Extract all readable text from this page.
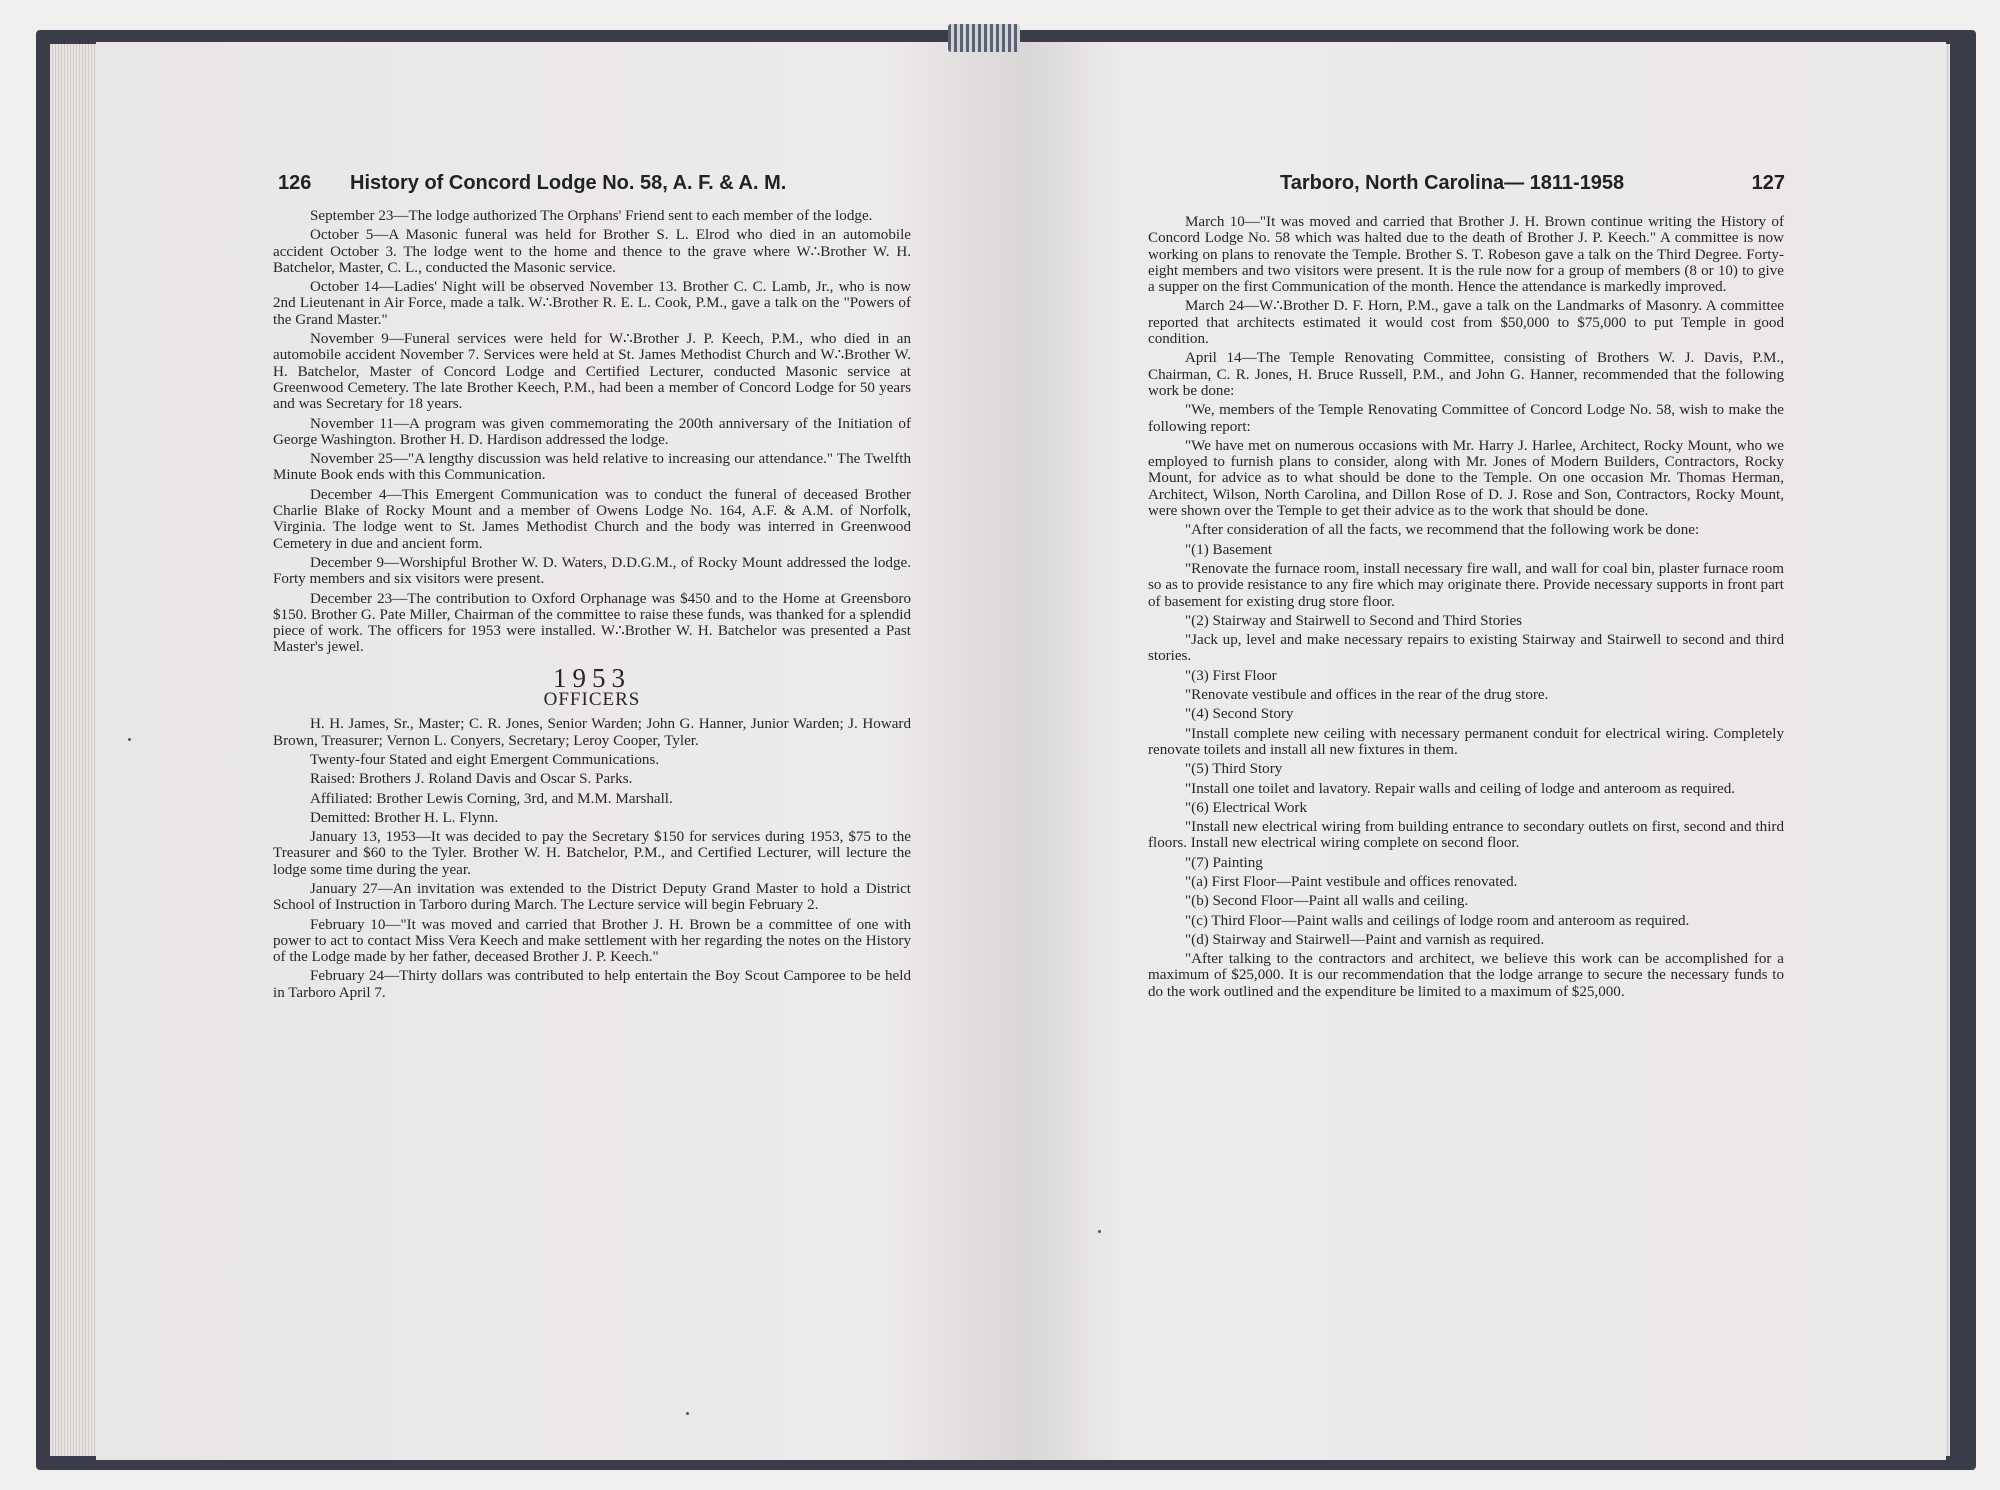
126 History of Concord Lodge No. 58, A. F. & A. M.	Tarboro, North Carolina— 1811-1958	127

September 23—The lodge authorized The Orphans' Friend sent to each member of the lodge.

October 5—A Masonic funeral was held for Brother S. L. Elrod who died in an automobile accident October 3. The lodge went to the home and thence to the grave where W∴Brother W. H. Batchelor, Master, C. L., conducted the Masonic service.

October 14—Ladies' Night will be observed November 13. Brother C. C. Lamb, Jr., who is now 2nd Lieutenant in Air Force, made a talk. W∴Brother R. E. L. Cook, P.M., gave a talk on the "Powers of the Grand Master."

November 9—Funeral services were held for W∴Brother J. P. Keech, P.M., who died in an automobile accident November 7. Services were held at St. James Methodist Church and W∴Brother W. H. Batchelor, Master of Concord Lodge and Certified Lecturer, conducted Masonic service at Greenwood Cemetery. The late Brother Keech, P.M., had been a member of Concord Lodge for 50 years and was Secretary for 18 years.

November 11—A program was given commemorating the 200th anniversary of the Initiation of George Washington. Brother H. D. Hardison addressed the lodge.

November 25—"A lengthy discussion was held relative to increasing our attendance." The Twelfth Minute Book ends with this Communication.

December 4—This Emergent Communication was to conduct the funeral of deceased Brother Charlie Blake of Rocky Mount and a member of Owens Lodge No. 164, A.F. & A.M. of Norfolk, Virginia. The lodge went to St. James Methodist Church and the body was interred in Greenwood Cemetery in due and ancient form.

December 9—Worshipful Brother W. D. Waters, D.D.G.M., of Rocky Mount addressed the lodge. Forty members and six visitors were present.

December 23—The contribution to Oxford Orphanage was $450 and to the Home at Greensboro $150. Brother G. Pate Miller, Chairman of the committee to raise these funds, was thanked for a splendid piece of work. The officers for 1953 were installed. W∴Brother W. H. Batchelor was presented a Past Master's jewel.

1953
OFFICERS

H. H. James, Sr., Master; C. R. Jones, Senior Warden; John G. Hanner, Junior Warden; J. Howard Brown, Treasurer; Vernon L. Conyers, Secretary; Leroy Cooper, Tyler.

Twenty-four Stated and eight Emergent Communications.

Raised: Brothers J. Roland Davis and Oscar S. Parks.

Affiliated: Brother Lewis Corning, 3rd, and M.M. Marshall.

Demitted: Brother H. L. Flynn.

January 13, 1953—It was decided to pay the Secretary $150 for services during 1953, $75 to the Treasurer and $60 to the Tyler. Brother W. H. Batchelor, P.M., and Certified Lecturer, will lecture the lodge some time during the year.

January 27—An invitation was extended to the District Deputy Grand Master to hold a District School of Instruction in Tarboro during March. The Lecture service will begin February 2.

February 10—"It was moved and carried that Brother J. H. Brown be a committee of one with power to act to contact Miss Vera Keech and make settlement with her regarding the notes on the History of the Lodge made by her father, deceased Brother J. P. Keech."

February 24—Thirty dollars was contributed to help entertain the Boy Scout Camporee to be held in Tarboro April 7.

March 10—"It was moved and carried that Brother J. H. Brown continue writing the History of Concord Lodge No. 58 which was halted due to the death of Brother J. P. Keech." A committee is now working on plans to renovate the Temple. Brother S. T. Robeson gave a talk on the Third Degree. Forty-eight members and two visitors were present. It is the rule now for a group of members (8 or 10) to give a supper on the first Communication of the month. Hence the attendance is markedly improved.

March 24—W∴Brother D. F. Horn, P.M., gave a talk on the Landmarks of Masonry. A committee reported that architects estimated it would cost from $50,000 to $75,000 to put Temple in good condition.

April 14—The Temple Renovating Committee, consisting of Brothers W. J. Davis, P.M., Chairman, C. R. Jones, H. Bruce Russell, P.M., and John G. Hanner, recommended that the following work be done:

"We, members of the Temple Renovating Committee of Concord Lodge No. 58, wish to make the following report:

"We have met on numerous occasions with Mr. Harry J. Harlee, Architect, Rocky Mount, who we employed to furnish plans to consider, along with Mr. Jones of Modern Builders, Contractors, Rocky Mount, for advice as to what should be done to the Temple. On one occasion Mr. Thomas Herman, Architect, Wilson, North Carolina, and Dillon Rose of D. J. Rose and Son, Contractors, Rocky Mount, were shown over the Temple to get their advice as to the work that should be done.

"After consideration of all the facts, we recommend that the following work be done:

"(1) Basement

"Renovate the furnace room, install necessary fire wall, and wall for coal bin, plaster furnace room so as to provide resistance to any fire which may originate there. Provide necessary supports in front part of basement for existing drug store floor.

"(2) Stairway and Stairwell to Second and Third Stories

"Jack up, level and make necessary repairs to existing Stairway and Stairwell to second and third stories.

"(3) First Floor

"Renovate vestibule and offices in the rear of the drug store.

"(4) Second Story

"Install complete new ceiling with necessary permanent conduit for electrical wiring. Completely renovate toilets and install all new fixtures in them.

"(5) Third Story

"Install one toilet and lavatory. Repair walls and ceiling of lodge and anteroom as required.

"(6) Electrical Work

"Install new electrical wiring from building entrance to secondary outlets on first, second and third floors. Install new electrical wiring complete on second floor.

"(7) Painting

"(a) First Floor—Paint vestibule and offices renovated.

"(b) Second Floor—Paint all walls and ceiling.

"(c) Third Floor—Paint walls and ceilings of lodge room and anteroom as required.

"(d) Stairway and Stairwell—Paint and varnish as required.

"After talking to the contractors and architect, we believe this work can be accomplished for a maximum of $25,000. It is our recommendation that the lodge arrange to secure the necessary funds to do the work outlined and the expenditure be limited to a maximum of $25,000.
